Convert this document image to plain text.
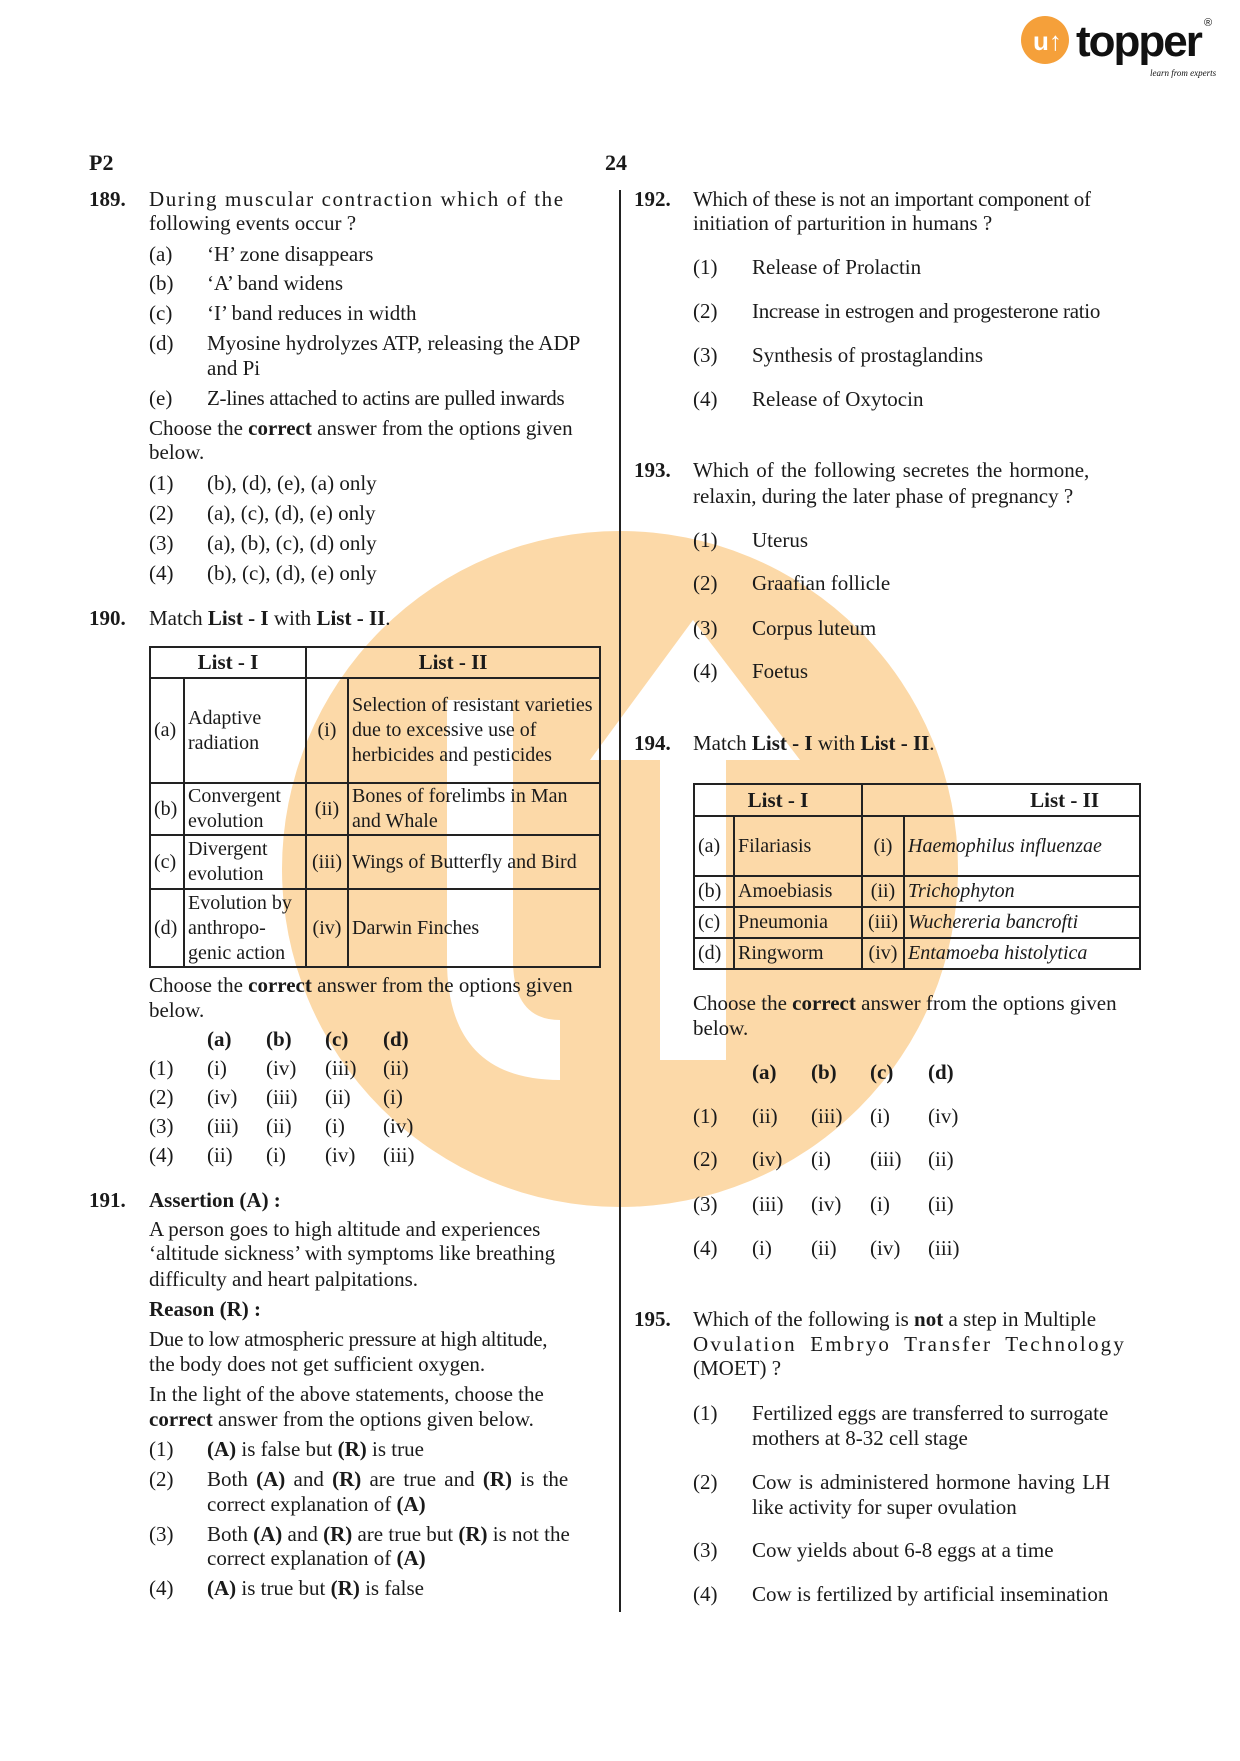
u↑ topper
learn from experts
®
P2	24
189. During muscular contraction which of the
following events occur ?
(a) ‘H’ zone disappears
(b) ‘A’ band widens
(c) ‘I’ band reduces in width
(d) Myosine hydrolyzes ATP, releasing the ADP
and Pi
(e) Z-lines attached to actins are pulled inwards
Choose the correct answer from the options given
below.
(1) (b), (d), (e), (a) only
(2) (a), (c), (d), (e) only
(3) (a), (b), (c), (d) only
(4) (b), (c), (d), (e) only
190. Match List - I with List - II.
List - I		List - II	
(a)	Adaptive radiation	(i)	Selection of resistant varieties due to excessive use of herbicides and pesticides
(b)	Convergent evolution	(ii)	Bones of forelimbs in Man and Whale
(c)	Divergent evolution	(iii)	Wings of Butterfly and Bird
(d)	Evolution by anthropo-genic action	(iv)	Darwin Finches
Choose the correct answer from the options given
below.
(a) (b) (c) (d)
(1) (i) (iv) (iii) (ii)
(2) (iv) (iii) (ii) (i)
(3) (iii) (ii) (i) (iv)
(4) (ii) (i) (iv) (iii)
191. Assertion (A) :
A person goes to high altitude and experiences
‘altitude sickness’ with symptoms like breathing
difficulty and heart palpitations.
Reason (R) :
Due to low atmospheric pressure at high altitude,
the body does not get sufficient oxygen.
In the light of the above statements, choose the
correct answer from the options given below.
(1) (A) is false but (R) is true
(2) Both (A) and (R) are true and (R) is the
correct explanation of (A)
(3) Both (A) and (R) are true but (R) is not the
correct explanation of (A)
(4) (A) is true but (R) is false
192. Which of these is not an important component of
initiation of parturition in humans ?
(1) Release of Prolactin
(2) Increase in estrogen and progesterone ratio
(3) Synthesis of prostaglandins
(4) Release of Oxytocin
193. Which of the following secretes the hormone,
relaxin, during the later phase of pregnancy ?
(1) Uterus
(2) Graafian follicle
(3) Corpus luteum
(4) Foetus
194. Match List - I with List - II.
List - I		List - II	
(a)	Filariasis	(i)	Haemophilus influenzae
(b)	Amoebiasis	(ii)	Trichophyton
(c)	Pneumonia	(iii)	Wuchereria bancrofti
(d)	Ringworm	(iv)	Entamoeba histolytica
Choose the correct answer from the options given
below.
(a) (b) (c) (d)
(1) (ii) (iii) (i) (iv)
(2) (iv) (i) (iii) (ii)
(3) (iii) (iv) (i) (ii)
(4) (i) (ii) (iv) (iii)
195. Which of the following is not a step in Multiple
Ovulation Embryo Transfer Technology
(MOET) ?
(1) Fertilized eggs are transferred to surrogate
mothers at 8-32 cell stage
(2) Cow is administered hormone having LH
like activity for super ovulation
(3) Cow yields about 6-8 eggs at a time
(4) Cow is fertilized by artificial insemination
